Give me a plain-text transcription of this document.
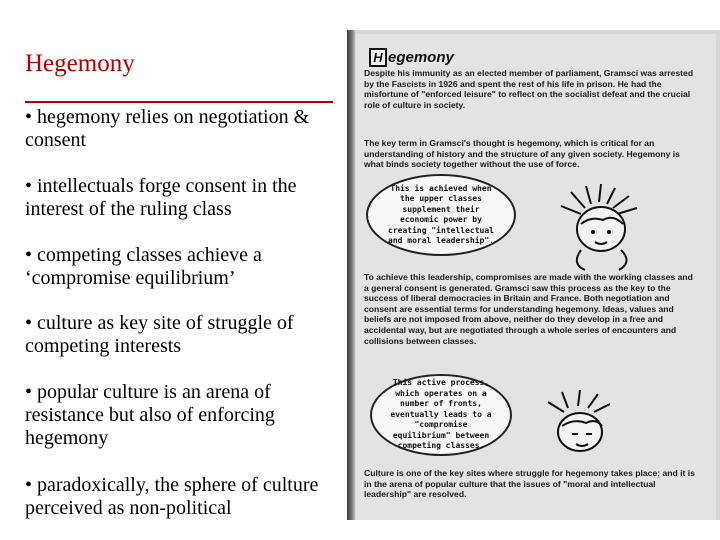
Hegemony
• hegemony relies on negotiation & consent
• intellectuals forge consent in the interest of the ruling class
• competing classes achieve a ‘compromise equilibrium’
• culture as key site of struggle of competing interests
• popular culture is an arena of resistance but also of enforcing hegemony
• paradoxically, the sphere of culture perceived as non-political
H egemony
Despite his immunity as an elected member of parliament, Gramsci was arrested by the Fascists in 1926 and spent the rest of his life in prison. He had the misfortune of "enforced leisure" to reflect on the socialist defeat and the crucial role of culture in society.
The key term in Gramsci's thought is hegemony, which is critical for an understanding of history and the structure of any given society. Hegemony is what binds society together without the use of force.
This is achieved when the upper classes supplement their economic power by creating "intellectual and moral leadership".
To achieve this leadership, compromises are made with the working classes and a general consent is generated. Gramsci saw this process as the key to the success of liberal democracies in Britain and France. Both negotiation and consent are essential terms for understanding hegemony. Ideas, values and beliefs are not imposed from above, neither do they develop in a free and accidental way, but are negotiated through a whole series of encounters and collisions between classes.
This active process, which operates on a number of fronts, eventually leads to a "compromise equilibrium" between competing classes.
Culture is one of the key sites where struggle for hegemony takes place; and it is in the arena of popular culture that the issues of "moral and intellectual leadership" are resolved.
